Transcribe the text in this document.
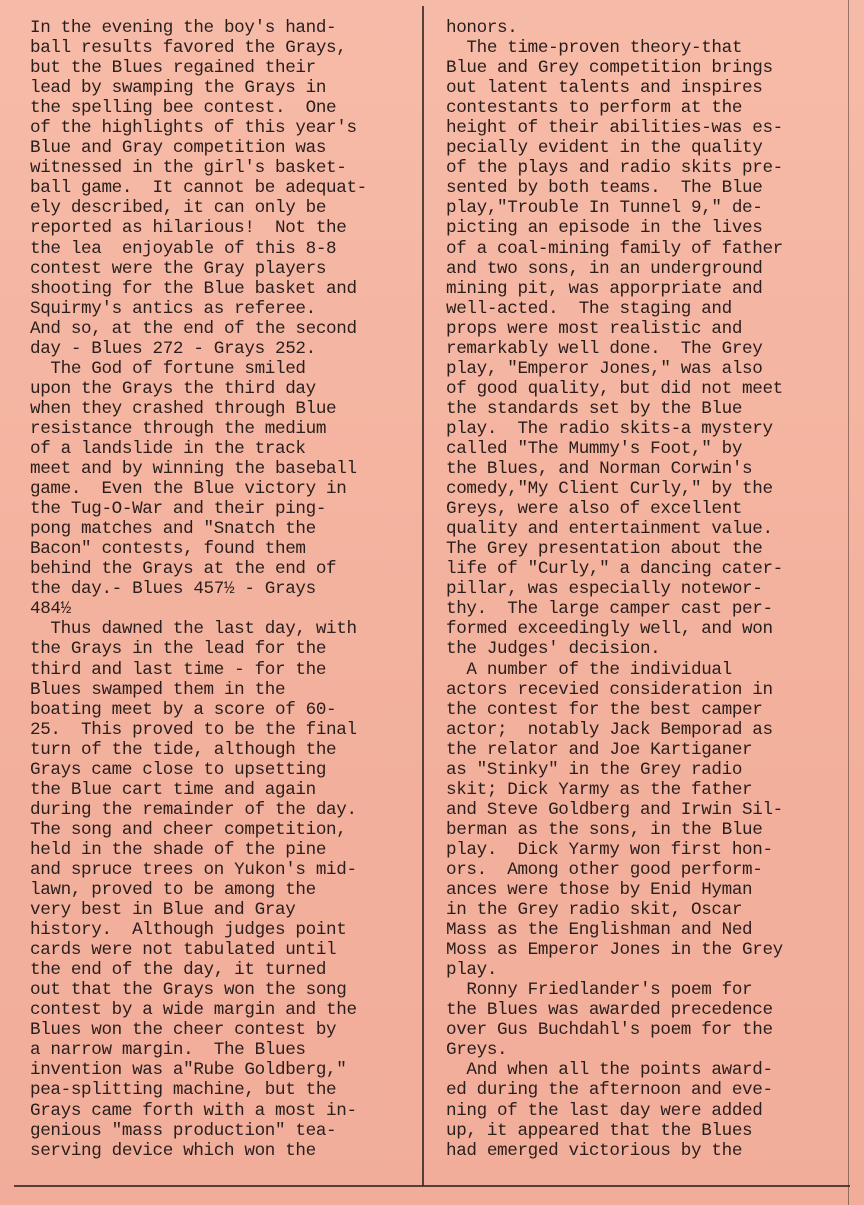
In the evening the boy's hand-
ball results favored the Grays,
but the Blues regained their
lead by swamping the Grays in
the spelling bee contest.  One
of the highlights of this year's
Blue and Gray competition was
witnessed in the girl's basket-
ball game.  It cannot be adequat-
ely described, it can only be
reported as hilarious!  Not the
the lea  enjoyable of this 8-8
contest were the Gray players
shooting for the Blue basket and
Squirmy's antics as referee.
And so, at the end of the second
day - Blues 272 - Grays 252.
The God of fortune smiled
upon the Grays the third day
when they crashed through Blue
resistance through the medium
of a landslide in the track
meet and by winning the baseball
game.  Even the Blue victory in
the Tug-O-War and their ping-
pong matches and "Snatch the
Bacon" contests, found them
behind the Grays at the end of
the day.- Blues 457½ - Grays
484½
Thus dawned the last day, with
the Grays in the lead for the
third and last time - for the
Blues swamped them in the
boating meet by a score of 60-
25.  This proved to be the final
turn of the tide, although the
Grays came close to upsetting
the Blue cart time and again
during the remainder of the day.
The song and cheer competition,
held in the shade of the pine
and spruce trees on Yukon's mid-
lawn, proved to be among the
very best in Blue and Gray
history.  Although judges point
cards were not tabulated until
the end of the day, it turned
out that the Grays won the song
contest by a wide margin and the
Blues won the cheer contest by
a narrow margin.  The Blues
invention was a"Rube Goldberg,"
pea-splitting machine, but the
Grays came forth with a most in-
genious "mass production" tea-
serving device which won the
honors.
The time-proven theory-that
Blue and Grey competition brings
out latent talents and inspires
contestants to perform at the
height of their abilities-was es-
pecially evident in the quality
of the plays and radio skits pre-
sented by both teams.  The Blue
play,"Trouble In Tunnel 9," de-
picting an episode in the lives
of a coal-mining family of father
and two sons, in an underground
mining pit, was apporpriate and
well-acted.  The staging and
props were most realistic and
remarkably well done.  The Grey
play, "Emperor Jones," was also
of good quality, but did not meet
the standards set by the Blue
play.  The radio skits-a mystery
called "The Mummy's Foot," by
the Blues, and Norman Corwin's
comedy,"My Client Curly," by the
Greys, were also of excellent
quality and entertainment value.
The Grey presentation about the
life of "Curly," a dancing cater-
pillar, was especially notewor-
thy.  The large camper cast per-
formed exceedingly well, and won
the Judges' decision.
A number of the individual
actors recevied consideration in
the contest for the best camper
actor;  notably Jack Bemporad as
the relator and Joe Kartiganer
as "Stinky" in the Grey radio
skit; Dick Yarmy as the father
and Steve Goldberg and Irwin Sil-
berman as the sons, in the Blue
play.  Dick Yarmy won first hon-
ors.  Among other good perform-
ances were those by Enid Hyman
in the Grey radio skit, Oscar
Mass as the Englishman and Ned
Moss as Emperor Jones in the Grey
play.
Ronny Friedlander's poem for
the Blues was awarded precedence
over Gus Buchdahl's poem for the
Greys.
And when all the points award-
ed during the afternoon and eve-
ning of the last day were added
up, it appeared that the Blues
had emerged victorious by the
